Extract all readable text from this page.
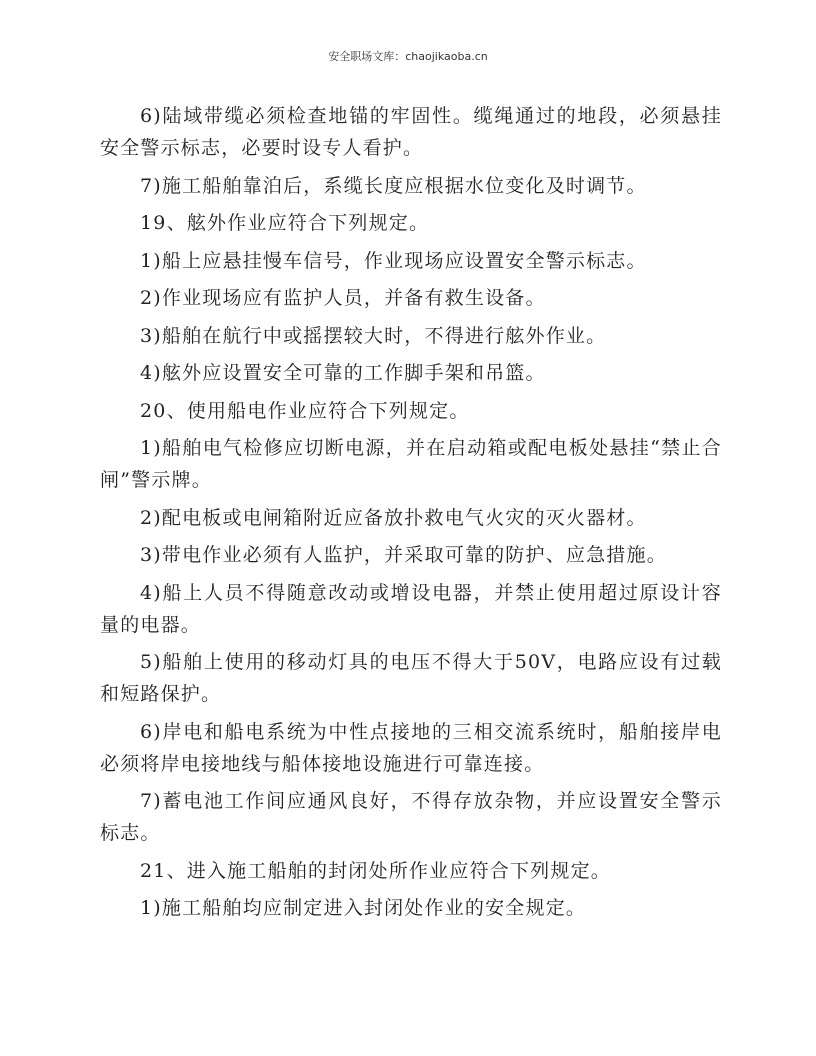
安全职场文库：chaojikaoba.cn

6)陆域带缆必须检查地锚的牢固性。缆绳通过的地段，必须悬挂安全警示标志，必要时设专人看护。

7)施工船舶靠泊后，系缆长度应根据水位变化及时调节。

19、舷外作业应符合下列规定。

1)船上应悬挂慢车信号，作业现场应设置安全警示标志。

2)作业现场应有监护人员，并备有救生设备。

3)船舶在航行中或摇摆较大时，不得进行舷外作业。

4)舷外应设置安全可靠的工作脚手架和吊篮。

20、使用船电作业应符合下列规定。

1)船舶电气检修应切断电源，并在启动箱或配电板处悬挂“禁止合闸”警示牌。

2)配电板或电闸箱附近应备放扑救电气火灾的灭火器材。

3)带电作业必须有人监护，并采取可靠的防护、应急措施。

4)船上人员不得随意改动或增设电器，并禁止使用超过原设计容量的电器。

5)船舶上使用的移动灯具的电压不得大于50V，电路应设有过载和短路保护。

6)岸电和船电系统为中性点接地的三相交流系统时，船舶接岸电必须将岸电接地线与船体接地设施进行可靠连接。

7)蓄电池工作间应通风良好，不得存放杂物，并应设置安全警示标志。

21、进入施工船舶的封闭处所作业应符合下列规定。

1)施工船舶均应制定进入封闭处作业的安全规定。
